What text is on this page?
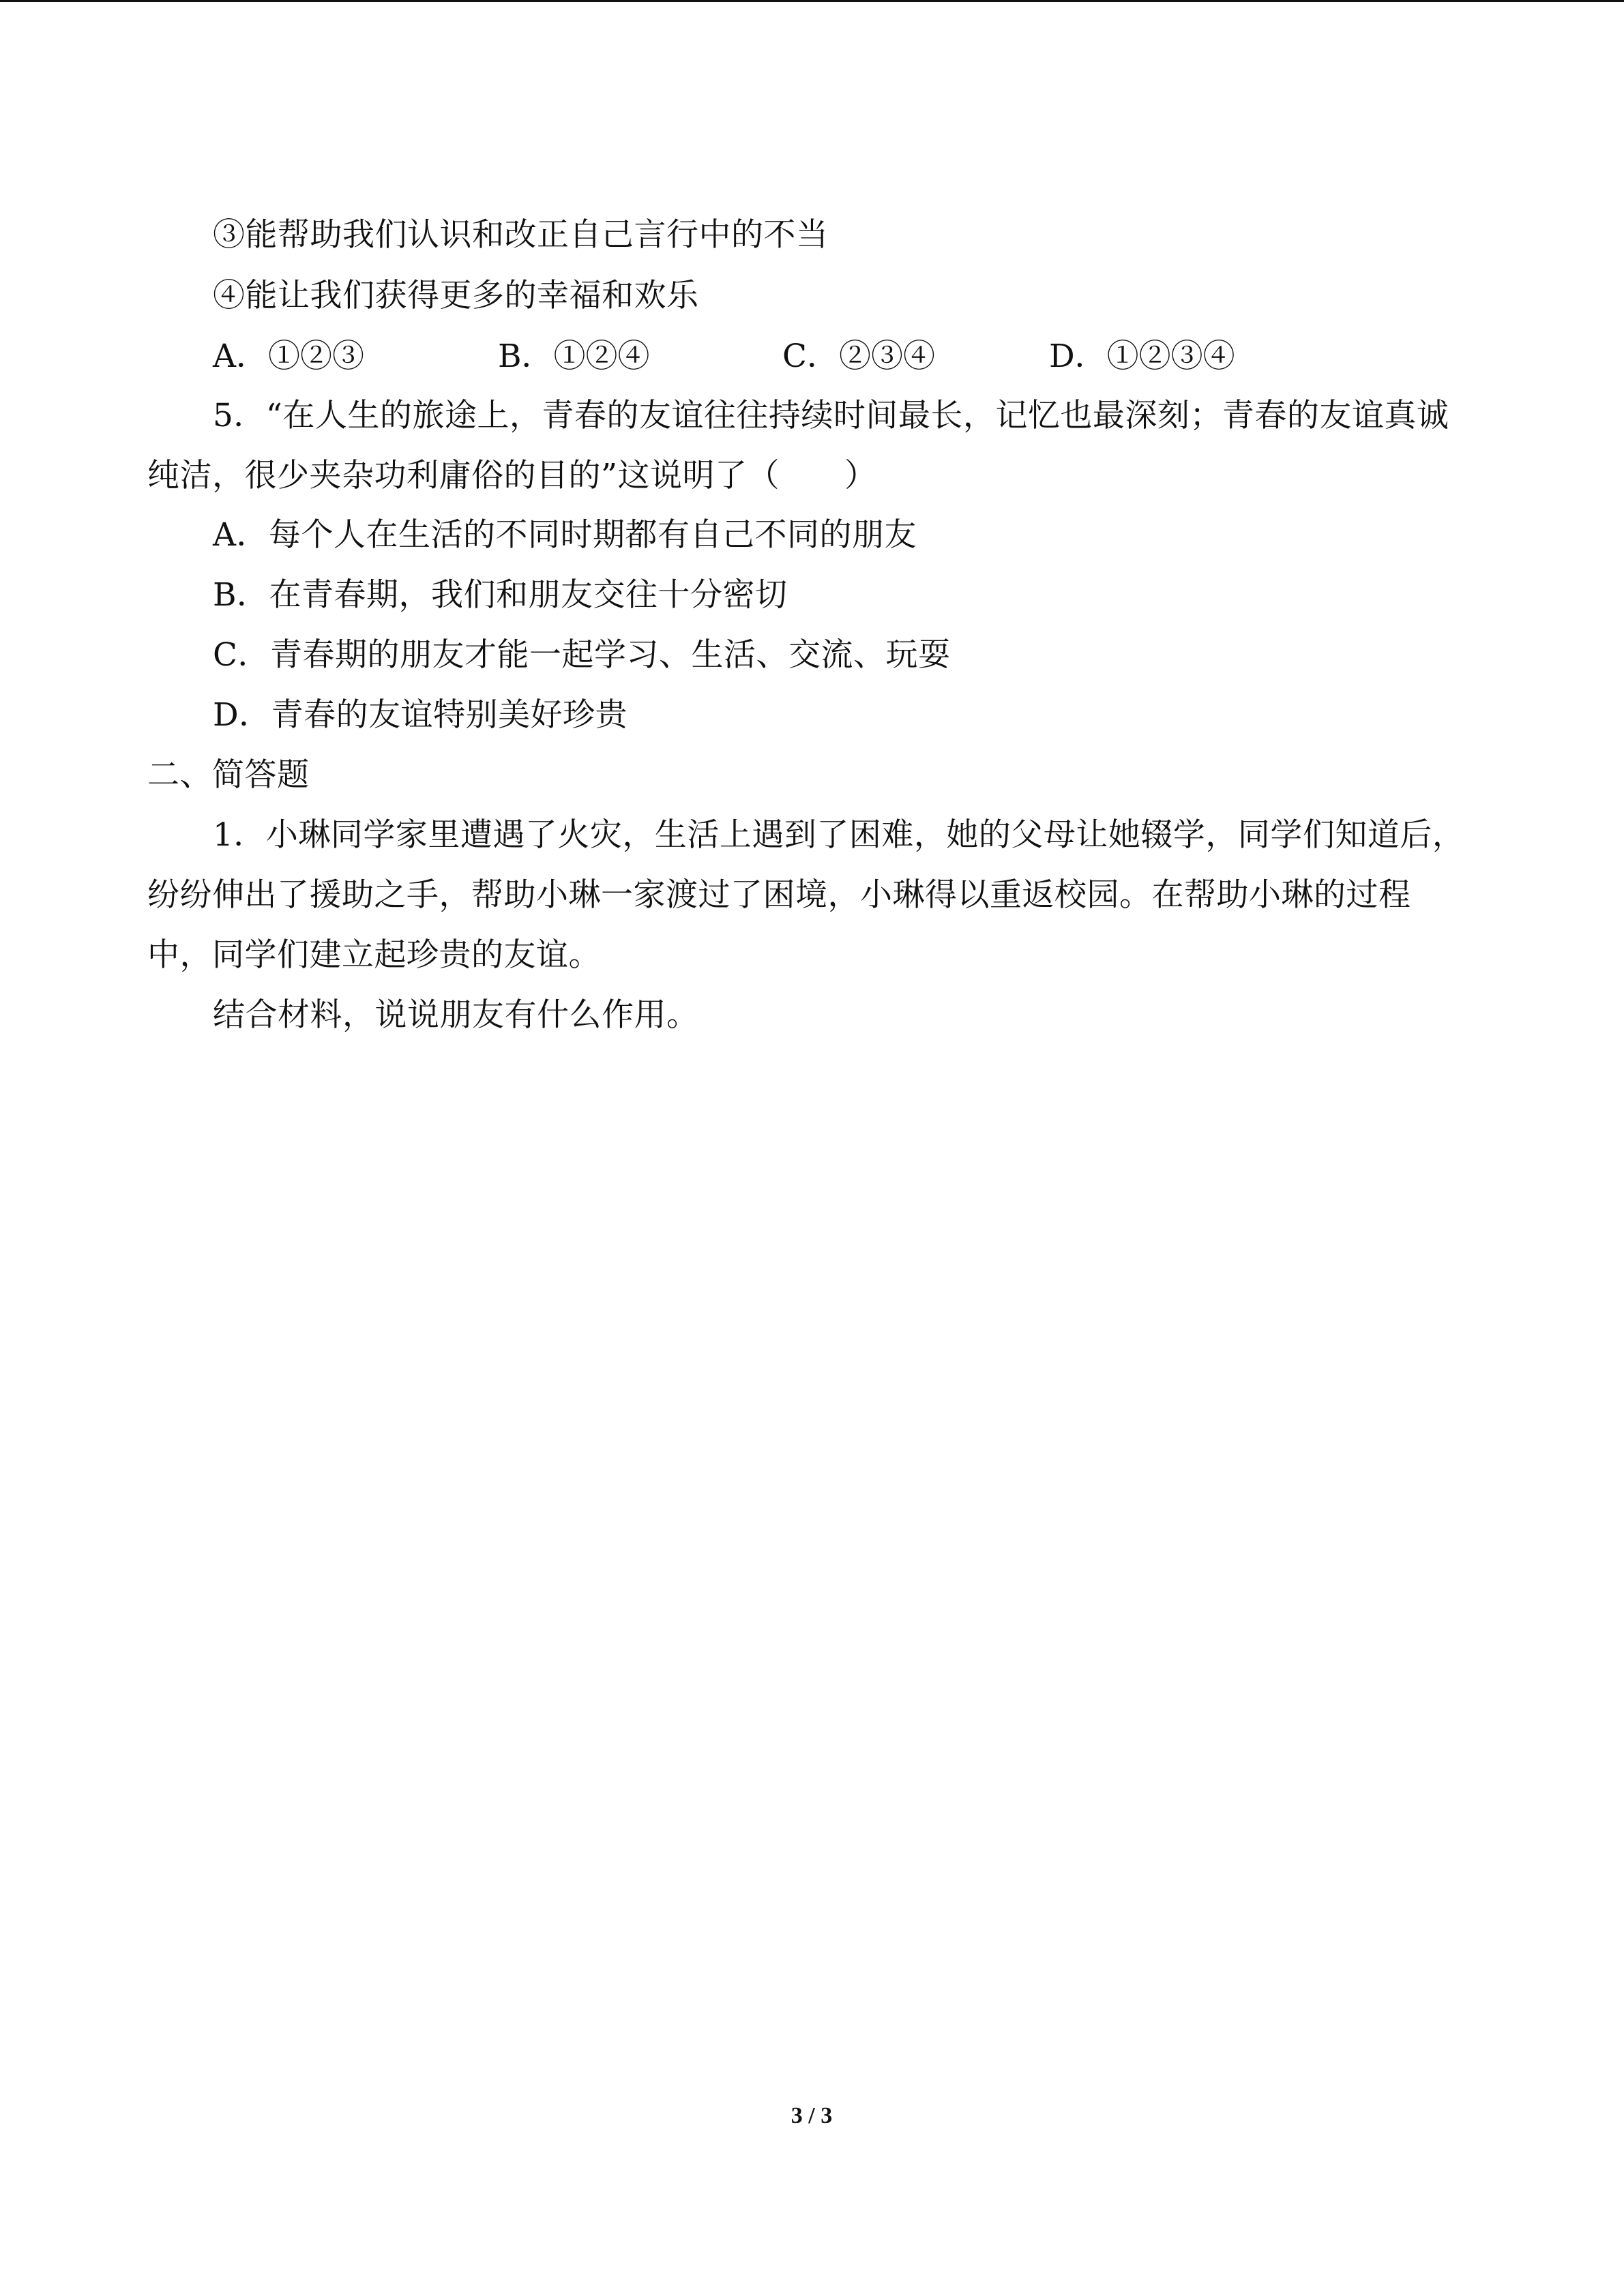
③能帮助我们认识和改正自己言行中的不当
④能让我们获得更多的幸福和欢乐
A．①②③	B．①②④	C．②③④	D．①②③④
5．“在人生的旅途上，青春的友谊往往持续时间最长，记忆也最深刻；青春的友谊真诚
纯洁，很少夹杂功利庸俗的目的”这说明了（　　）
A．每个人在生活的不同时期都有自己不同的朋友
B．在青春期，我们和朋友交往十分密切
C．青春期的朋友才能一起学习、生活、交流、玩耍
D．青春的友谊特别美好珍贵
二、简答题
1．小琳同学家里遭遇了火灾，生活上遇到了困难，她的父母让她辍学，同学们知道后，
纷纷伸出了援助之手，帮助小琳一家渡过了困境，小琳得以重返校园。在帮助小琳的过程
中，同学们建立起珍贵的友谊。
结合材料，说说朋友有什么作用。
3 / 3
